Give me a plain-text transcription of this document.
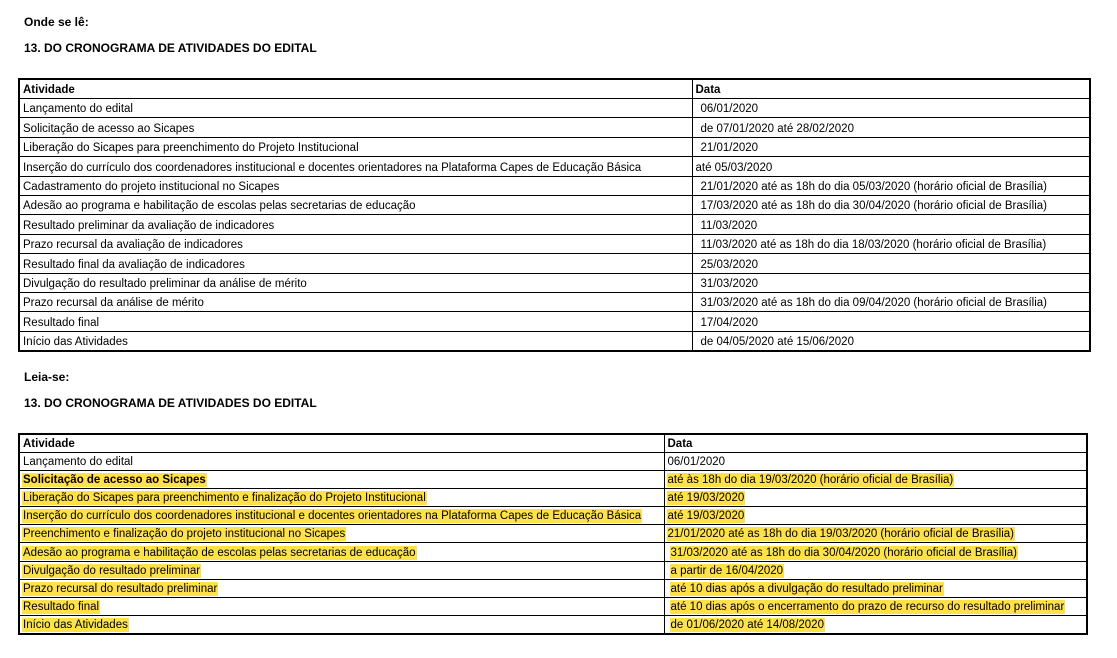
Onde se lê:
13. DO CRONOGRAMA DE ATIVIDADES DO EDITAL
Atividade	Data
Lançamento do edital	06/01/2020
Solicitação de acesso ao Sicapes	de 07/01/2020 até 28/02/2020
Liberação do Sicapes para preenchimento do Projeto Institucional	21/01/2020
Inserção do currículo dos coordenadores institucional e docentes orientadores na Plataforma Capes de Educação Básica	até 05/03/2020
Cadastramento do projeto institucional no Sicapes	21/01/2020 até as 18h do dia 05/03/2020 (horário oficial de Brasília)
Adesão ao programa e habilitação de escolas pelas secretarias de educação	17/03/2020 até as 18h do dia 30/04/2020 (horário oficial de Brasília)
Resultado preliminar da avaliação de indicadores	11/03/2020
Prazo recursal da avaliação de indicadores	11/03/2020 até as 18h do dia 18/03/2020 (horário oficial de Brasília)
Resultado final da avaliação de indicadores	25/03/2020
Divulgação do resultado preliminar da análise de mérito	31/03/2020
Prazo recursal da análise de mérito	31/03/2020 até as 18h do dia 09/04/2020 (horário oficial de Brasília)
Resultado final	17/04/2020
Início das Atividades	de 04/05/2020 até 15/06/2020
Leia-se:
13. DO CRONOGRAMA DE ATIVIDADES DO EDITAL
Atividade	Data
Lançamento do edital	06/01/2020
Solicitação de acesso ao Sicapes	até às 18h do dia 19/03/2020 (horário oficial de Brasília)
Liberação do Sicapes para preenchimento e finalização do Projeto Institucional	até 19/03/2020
Inserção do currículo dos coordenadores institucional e docentes orientadores na Plataforma Capes de Educação Básica	até 19/03/2020
Preenchimento e finalização do projeto institucional no Sicapes	21/01/2020 até as 18h do dia 19/03/2020 (horário oficial de Brasília)
Adesão ao programa e habilitação de escolas pelas secretarias de educação	31/03/2020 até as 18h do dia 30/04/2020 (horário oficial de Brasília)
Divulgação do resultado preliminar	a partir de 16/04/2020
Prazo recursal do resultado preliminar	até 10 dias após a divulgação do resultado preliminar
Resultado final	até 10 dias após o encerramento do prazo de recurso do resultado preliminar
Início das Atividades	de 01/06/2020 até 14/08/2020
